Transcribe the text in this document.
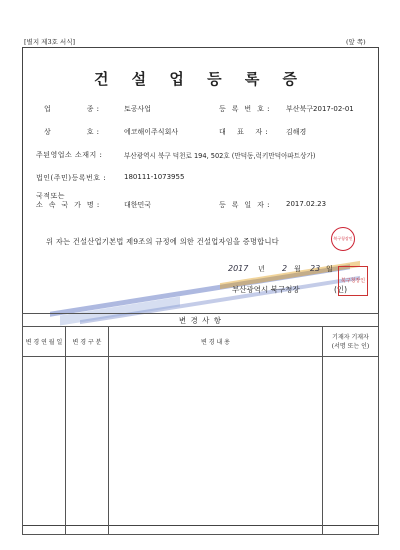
[별지 제3호 서식]	(앞 쪽)
건 설 업 등 록 증
업             종 :	토공사업	등  록  번  호 : 부산북구2017-02-01
상             호 :	에코해이주식회사	대    표    자 :	김해경
주된영업소 소재지 :	부산광역시 북구 덕천로 194, 502호 (만덕동,럭키만덕아파트상가)
법인(주민)등록번호 :	180111-1073955
국적또는
소  속  국  가  명 :	대한민국	등  록  일  자 : 2017.02.23
위 자는 건설산업기본법 제9조의 규정에 의한 건설업자임을 증명합니다	북구청장인
2017 년 2 월 23 일
부산광역시 북구청장	(인)
북구청장인
변 경 사 항			
변 경 연 월 일	변 경 구 분	변 경 내 용	기재자 기재자
(서명 또는 인)
